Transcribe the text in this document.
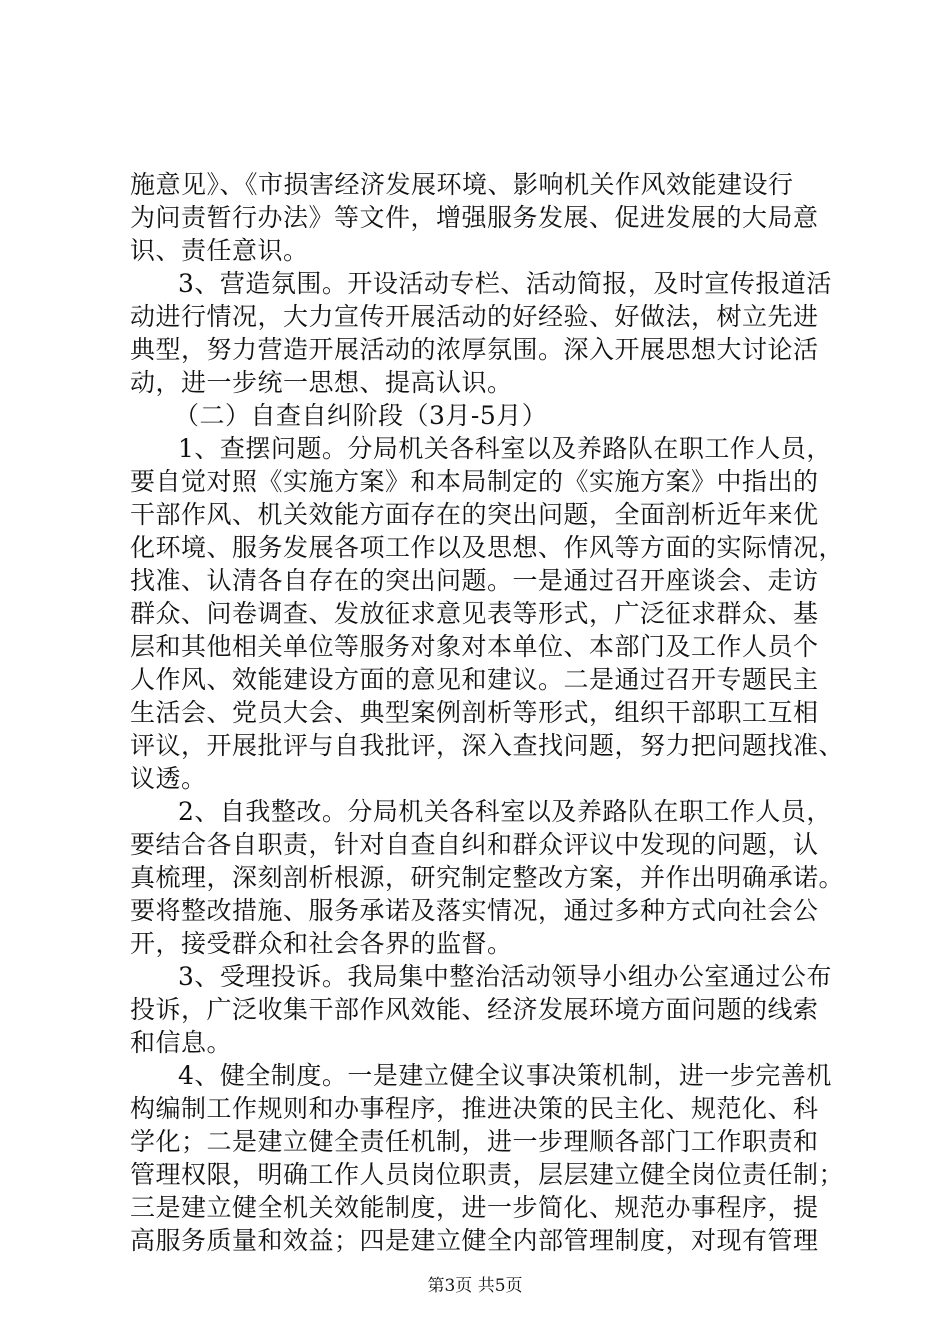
施意见》、《市损害经济发展环境、影响机关作风效能建设行
为问责暂行办法》等文件，增强服务发展、促进发展的大局意
识、责任意识。
3、营造氛围。开设活动专栏、活动简报，及时宣传报道活
动进行情况，大力宣传开展活动的好经验、好做法，树立先进
典型，努力营造开展活动的浓厚氛围。深入开展思想大讨论活
动，进一步统一思想、提高认识。
（二）自查自纠阶段（3月-5月）
1、查摆问题。分局机关各科室以及养路队在职工作人员，
要自觉对照《实施方案》和本局制定的《实施方案》中指出的
干部作风、机关效能方面存在的突出问题，全面剖析近年来优
化环境、服务发展各项工作以及思想、作风等方面的实际情况，
找准、认清各自存在的突出问题。一是通过召开座谈会、走访
群众、问卷调查、发放征求意见表等形式，广泛征求群众、基
层和其他相关单位等服务对象对本单位、本部门及工作人员个
人作风、效能建设方面的意见和建议。二是通过召开专题民主
生活会、党员大会、典型案例剖析等形式，组织干部职工互相
评议，开展批评与自我批评，深入查找问题，努力把问题找准、
议透。
2、自我整改。分局机关各科室以及养路队在职工作人员，
要结合各自职责，针对自查自纠和群众评议中发现的问题，认
真梳理，深刻剖析根源，研究制定整改方案，并作出明确承诺。
要将整改措施、服务承诺及落实情况，通过多种方式向社会公
开，接受群众和社会各界的监督。
3、受理投诉。我局集中整治活动领导小组办公室通过公布
投诉，广泛收集干部作风效能、经济发展环境方面问题的线索
和信息。
4、健全制度。一是建立健全议事决策机制，进一步完善机
构编制工作规则和办事程序，推进决策的民主化、规范化、科
学化；二是建立健全责任机制，进一步理顺各部门工作职责和
管理权限，明确工作人员岗位职责，层层建立健全岗位责任制；
三是建立健全机关效能制度，进一步简化、规范办事程序，提
高服务质量和效益；四是建立健全内部管理制度，对现有管理
第3页 共5页
